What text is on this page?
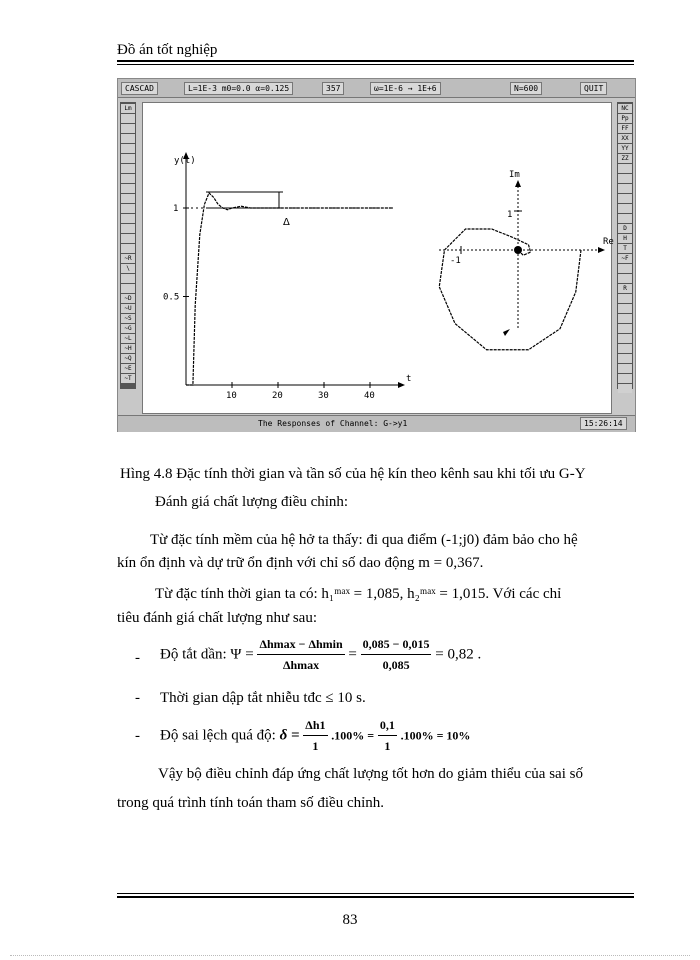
Đồ án tốt nghiệp
CASCAD	L=1E-3 m0=0.0 α=0.125	357	ω=1E-6 → 1E+6	N=600	QUIT
Lm
~R
\
~D
~U
~S
~G
~L
~H
~Q
~E
~T
NC
Pp
FF
XX
YY
ZZ
D
H
T
~F
R
y(t)
t
10	20	30	40
0.5
1
Δ
Im
Re
1
-1
The Responses of Channel: G->y1	15:26:14
Hìng 4.8 Đặc tính thời gian và tần số của hệ kín theo kênh sau khi tối ưu G-Y
Đánh giá chất lượng điều chỉnh:
Từ đặc tính mềm của hệ hở ta thấy: đi qua điểm (-1;j0) đảm bảo cho hệ
kín ổn định và dự trữ ổn định với chỉ số dao động m = 0,367.
Từ đặc tính thời gian ta có: h₁ᵐᵃˣ = 1,085, h₂ᵐᵃˣ = 1,015. Với các chỉ
tiêu đánh giá chất lượng như sau:
- Độ tắt dần: $\Psi = \frac{\Delta hmax - \Delta hmin}{\Delta hmax} = \frac{0,085 - 0,015}{0,085} = 0,82$ .
- Thời gian dập tắt nhiễu tđc ≤ 10 s.
- Độ sai lệch quá độ: $\delta = \frac{\Delta h1}{1} .100\% = \frac{0,1}{1} .100\% = 10\%$
Vậy bộ điều chỉnh đáp ứng chất lượng tốt hơn do giảm thiểu của sai số
trong quá trình tính toán tham số điều chỉnh.
83
